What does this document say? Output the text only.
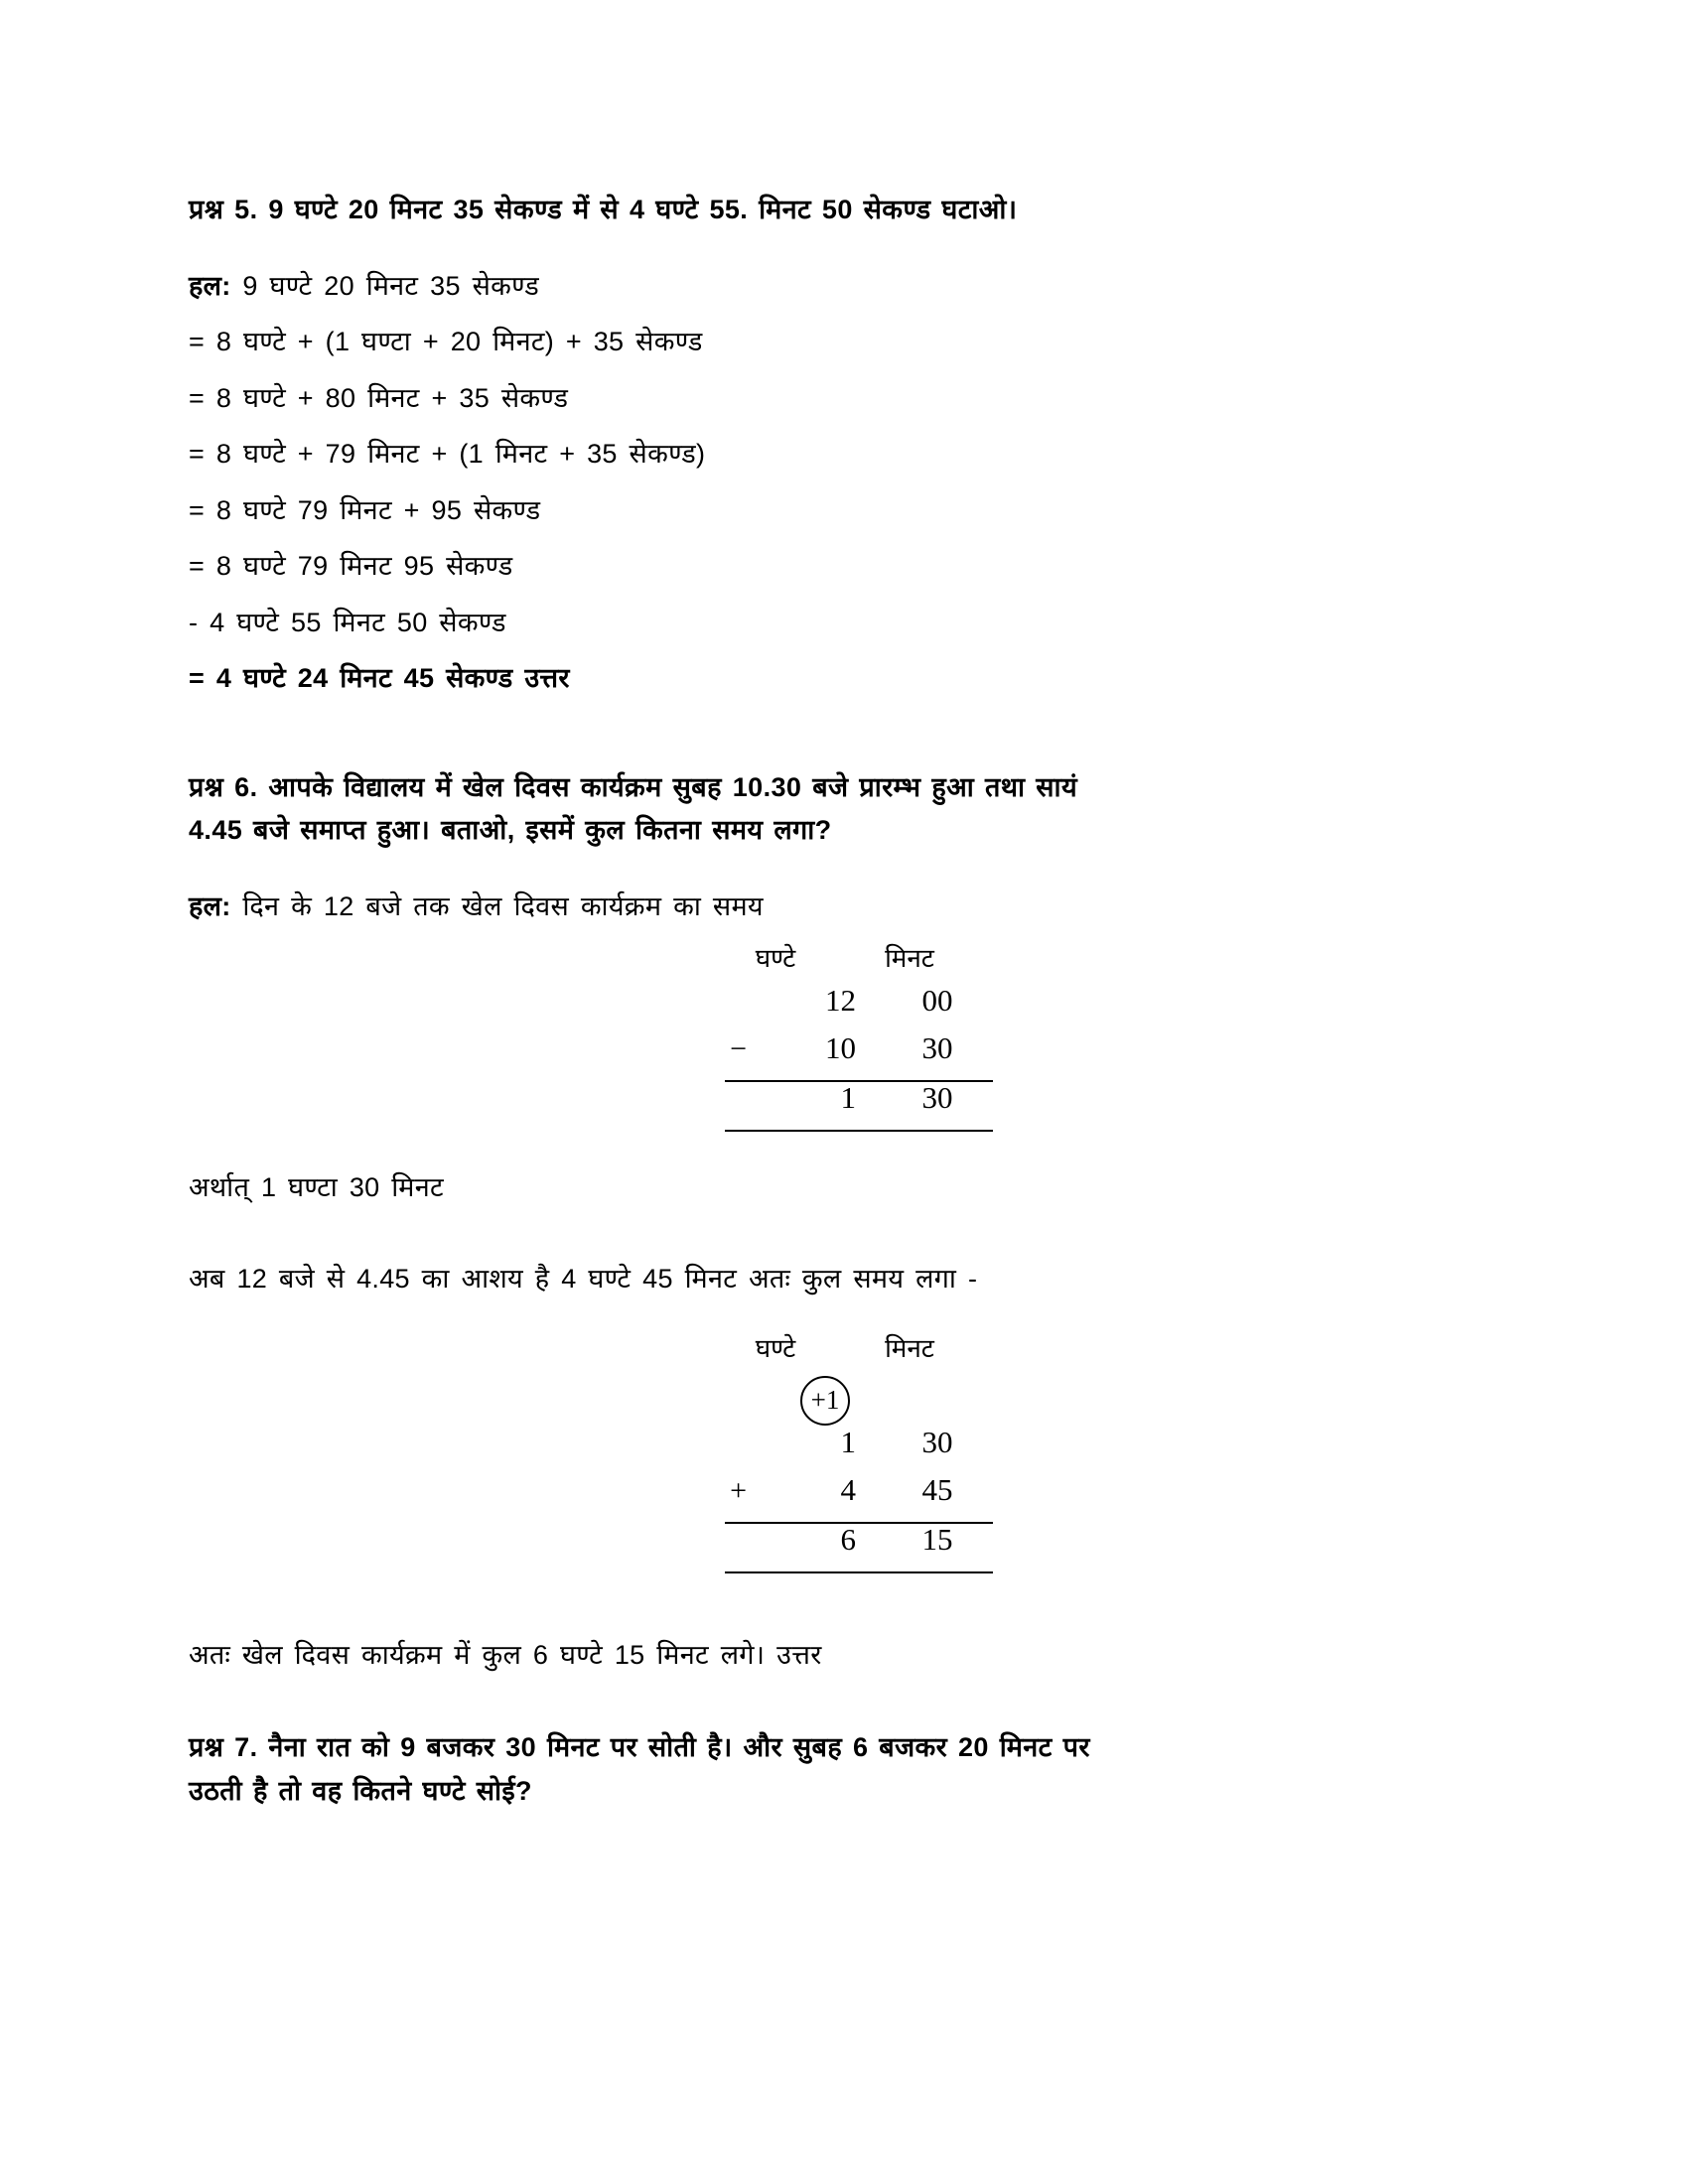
प्रश्न 5. 9 घण्टे 20 मिनट 35 सेकण्ड में से 4 घण्टे 55. मिनट 50 सेकण्ड घटाओ।
हल: 9 घण्टे 20 मिनट 35 सेकण्ड
= 8 घण्टे + (1 घण्टा + 20 मिनट) + 35 सेकण्ड
= 8 घण्टे + 80 मिनट + 35 सेकण्ड
= 8 घण्टे + 79 मिनट + (1 मिनट + 35 सेकण्ड)
= 8 घण्टे 79 मिनट + 95 सेकण्ड
= 8 घण्टे 79 मिनट 95 सेकण्ड
- 4 घण्टे 55 मिनट 50 सेकण्ड
= 4 घण्टे 24 मिनट 45 सेकण्ड उत्तर
प्रश्न 6. आपके विद्यालय में खेल दिवस कार्यक्रम सुबह 10.30 बजे प्रारम्भ हुआ तथा सायं
4.45 बजे समाप्त हुआ। बताओ, इसमें कुल कितना समय लगा?
हल: दिन के 12 बजे तक खेल दिवस कार्यक्रम का समय
घण्टे	मिनट
12	00
−	10	30
1	30
अर्थात् 1 घण्टा 30 मिनट
अब 12 बजे से 4.45 का आशय है 4 घण्टे 45 मिनट अतः कुल समय लगा -
घण्टे	मिनट
+1
1	30
+	4	45
6	15
अतः खेल दिवस कार्यक्रम में कुल 6 घण्टे 15 मिनट लगे। उत्तर
प्रश्न 7. नैना रात को 9 बजकर 30 मिनट पर सोती है। और सुबह 6 बजकर 20 मिनट पर
उठती है तो वह कितने घण्टे सोई?
